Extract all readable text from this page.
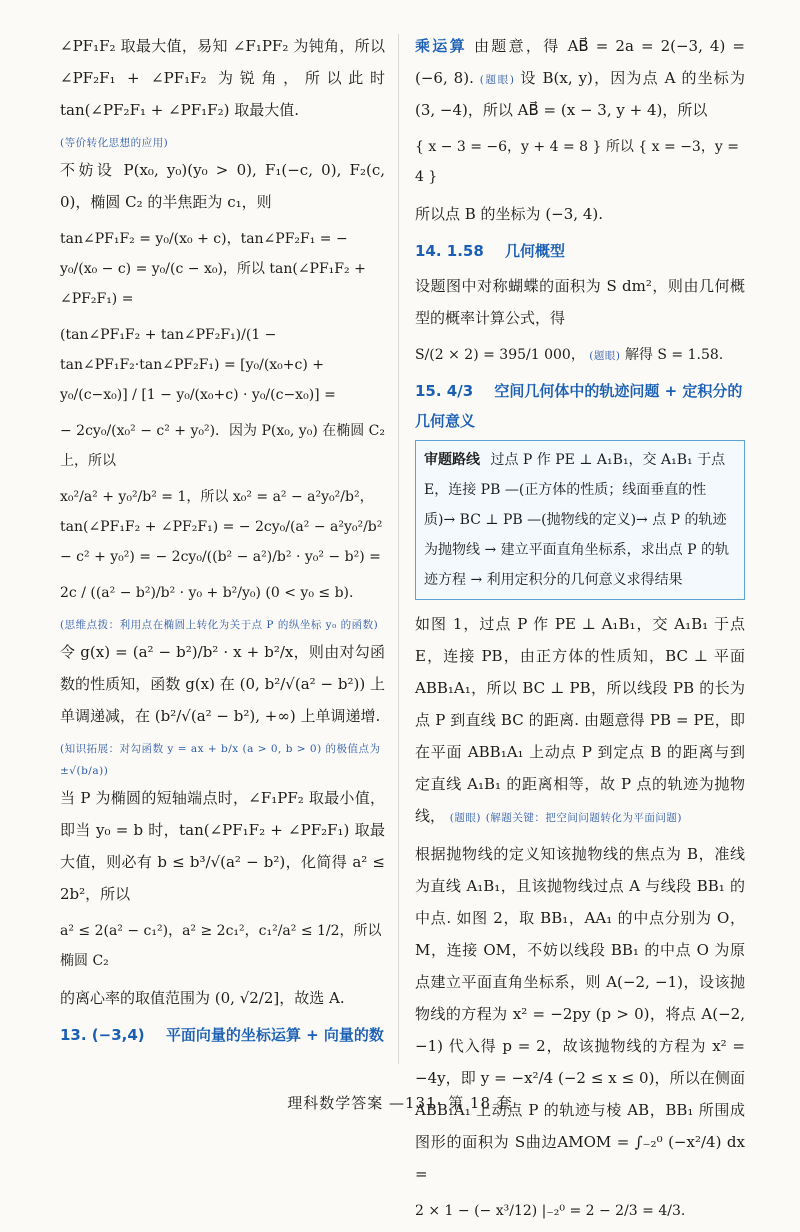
∠PF₁F₂ 取最大值，易知 ∠F₁PF₂ 为钝角，所以 ∠PF₂F₁ + ∠PF₁F₂ 为锐角，所以此时 tan(∠PF₂F₁ + ∠PF₁F₂) 取最大值.

(等价转化思想的应用)

不妨设 P(x₀, y₀)(y₀ > 0), F₁(−c, 0), F₂(c, 0)，椭圆 C₂ 的半焦距为 c₁，则

tan∠PF₁F₂ = y₀/(x₀ + c)，tan∠PF₂F₁ = − y₀/(x₀ − c) = y₀/(c − x₀)，所以 tan(∠PF₁F₂ + ∠PF₂F₁) =
(tan∠PF₁F₂ + tan∠PF₂F₁)/(1 − tan∠PF₁F₂·tan∠PF₂F₁) = [y₀/(x₀+c) + y₀/(c−x₀)] / [1 − y₀/(x₀+c) · y₀/(c−x₀)] =
− 2cy₀/(x₀² − c² + y₀²)．因为 P(x₀, y₀) 在椭圆 C₂ 上，所以
x₀²/a² + y₀²/b² = 1，所以 x₀² = a² − a²y₀²/b²，tan(∠PF₁F₂ + ∠PF₂F₁) = − 2cy₀/(a² − a²y₀²/b² − c² + y₀²) = − 2cy₀/((b² − a²)/b² · y₀² − b²) =
2c / ((a² − b²)/b² · y₀ + b²/y₀) (0 < y₀ ≤ b).
(思维点拨：利用点在椭圆上转化为关于点 P 的纵坐标 y₀ 的函数)

令 g(x) = (a² − b²)/b² · x + b²/x，则由对勾函数的性质知，函数 g(x) 在 (0, b²/√(a² − b²)) 上单调递减，在 (b²/√(a² − b²), +∞) 上单调递增.

(知识拓展：对勾函数 y = ax + b/x (a > 0, b > 0) 的极值点为 ±√(b/a))

当 P 为椭圆的短轴端点时，∠F₁PF₂ 取最小值，即当 y₀ = b 时，tan(∠PF₁F₂ + ∠PF₂F₁) 取最大值，则必有 b ≤ b³/√(a² − b²)，化简得 a² ≤ 2b²，所以

a² ≤ 2(a² − c₁²)，a² ≥ 2c₁²，c₁²/a² ≤ 1/2，所以椭圆 C₂

的离心率的取值范围为 (0, √2/2]，故选 A.

13. (−3,4) 平面向量的坐标运算 + 向量的数

乘运算 由题意，得 AB⃗ = 2a = 2(−3, 4) = (−6, 8). (题眼) 设 B(x, y)，因为点 A 的坐标为 (3, −4)，所以 AB⃗ = (x − 3, y + 4)，所以

{ x − 3 = −6，y + 4 = 8 } 所以 { x = −3，y = 4 }

所以点 B 的坐标为 (−3, 4).

14. 1.58 几何概型

设题图中对称蝴蝶的面积为 S dm²，则由几何概型的概率计算公式，得

S/(2 × 2) = 395/1 000， (题眼) 解得 S = 1.58.
15. 4/3 空间几何体中的轨迹问题 + 定积分的几何意义
审题路线 过点 P 作 PE ⊥ A₁B₁，交 A₁B₁ 于点 E，连接 PB —(正方体的性质；线面垂直的性质)→ BC ⊥ PB —(抛物线的定义)→ 点 P 的轨迹为抛物线 → 建立平面直角坐标系，求出点 P 的轨迹方程 → 利用定积分的几何意义求得结果

如图 1，过点 P 作 PE ⊥ A₁B₁，交 A₁B₁ 于点 E，连接 PB，由正方体的性质知，BC ⊥ 平面 ABB₁A₁，所以 BC ⊥ PB，所以线段 PB 的长为点 P 到直线 BC 的距离. 由题意得 PB = PE，即在平面 ABB₁A₁ 上动点 P 到定点 B 的距离与到定直线 A₁B₁ 的距离相等，故 P 点的轨迹为抛物线， (题眼) (解题关键：把空间问题转化为平面问题)

根据抛物线的定义知该抛物线的焦点为 B，准线为直线 A₁B₁，且该抛物线过点 A 与线段 BB₁ 的中点. 如图 2，取 BB₁，AA₁ 的中点分别为 O，M，连接 OM，不妨以线段 BB₁ 的中点 O 为原点建立平面直角坐标系，则 A(−2, −1)，设该抛物线的方程为 x² = −2py (p > 0)，将点 A(−2, −1) 代入得 p = 2，故该抛物线的方程为 x² = −4y，即 y = −x²/4 (−2 ≤ x ≤ 0)，所以在侧面 ABB₁A₁ 上动点 P 的轨迹与棱 AB，BB₁ 所围成图形的面积为 S曲边AMOM = ∫₋₂⁰ (−x²/4) dx =

2 × 1 − (− x³/12) |₋₂⁰ = 2 − 2/3 = 4/3.
理科数学答案 —131· 第 18 套
